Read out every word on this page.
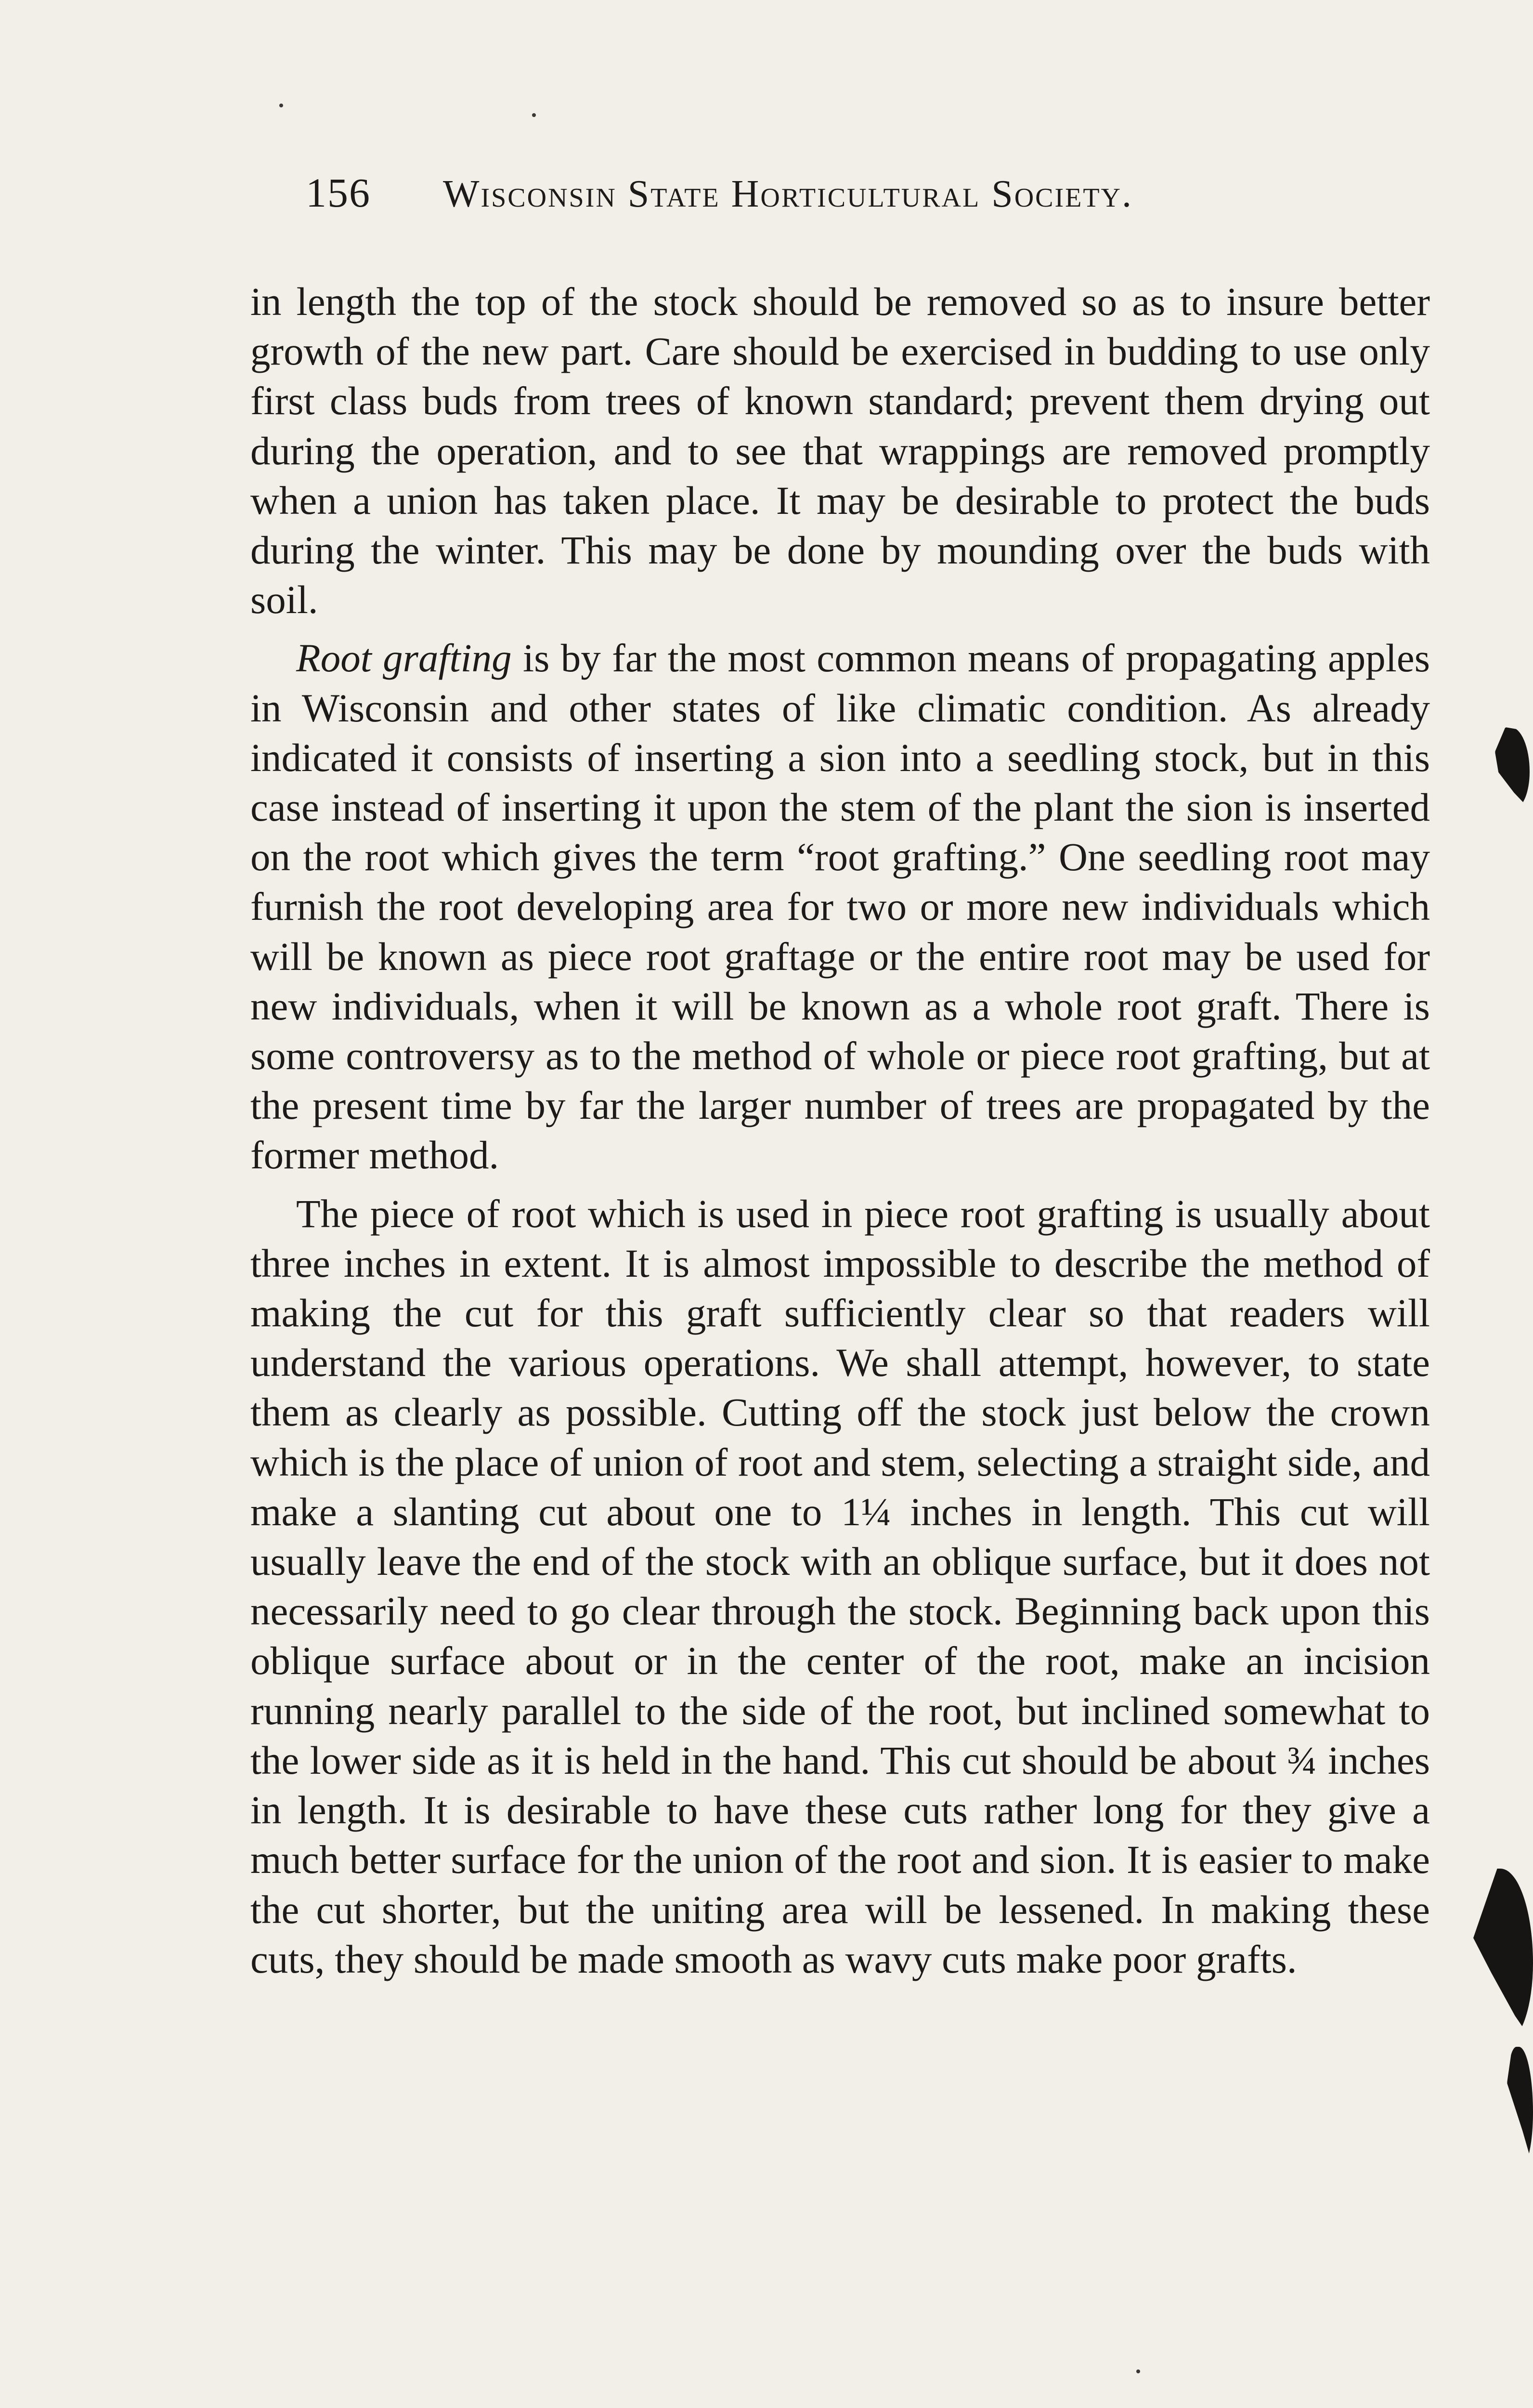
156 Wisconsin State Horticultural Society.

in length the top of the stock should be removed so as to insure better growth of the new part. Care should be exercised in budding to use only first class buds from trees of known standard; prevent them drying out during the operation, and to see that wrappings are removed promptly when a union has taken place. It may be desirable to protect the buds during the winter. This may be done by mounding over the buds with soil.

Root grafting is by far the most common means of propagating apples in Wisconsin and other states of like climatic condition. As already indicated it consists of inserting a sion into a seedling stock, but in this case instead of inserting it upon the stem of the plant the sion is inserted on the root which gives the term “root grafting.” One seedling root may furnish the root developing area for two or more new individuals which will be known as piece root graftage or the entire root may be used for new individuals, when it will be known as a whole root graft. There is some controversy as to the method of whole or piece root grafting, but at the present time by far the larger number of trees are propagated by the former method.

The piece of root which is used in piece root grafting is usually about three inches in extent. It is almost impossible to describe the method of making the cut for this graft sufficiently clear so that readers will understand the various operations. We shall attempt, however, to state them as clearly as possible. Cutting off the stock just below the crown which is the place of union of root and stem, selecting a straight side, and make a slanting cut about one to 1¼ inches in length. This cut will usually leave the end of the stock with an oblique surface, but it does not necessarily need to go clear through the stock. Beginning back upon this oblique surface about or in the center of the root, make an incision running nearly parallel to the side of the root, but inclined somewhat to the lower side as it is held in the hand. This cut should be about ¾ inches in length. It is desirable to have these cuts rather long for they give a much better surface for the union of the root and sion. It is easier to make the cut shorter, but the uniting area will be lessened. In making these cuts, they should be made smooth as wavy cuts make poor grafts.
